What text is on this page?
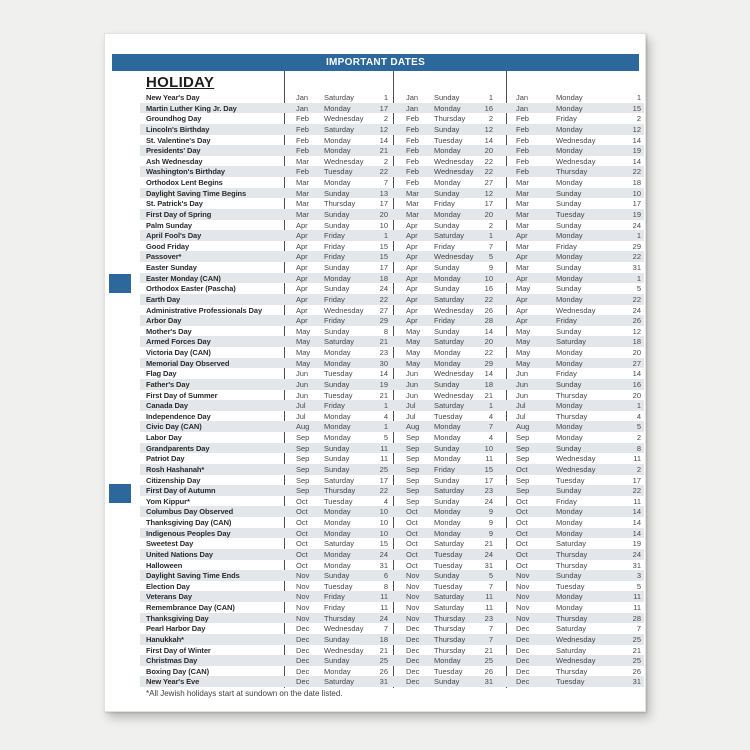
IMPORTANT DATES
HOLIDAY
New Year's Day	Jan Saturday	1 Jan Sunday	1	Jan	Monday	1
Martin Luther King Jr. Day	Jan Monday	17 Jan Monday	16	Jan	Monday	15
Groundhog Day	Feb Wednesday	2 Feb Thursday	2	Feb	Friday	2
Lincoln's Birthday	Feb Saturday	12 Feb Sunday	12	Feb	Monday	12
St. Valentine's Day	Feb Monday	14 Feb Tuesday	14	Feb	Wednesday	14
Presidents' Day	Feb Monday	21 Feb Monday	20	Feb	Monday	19
Ash Wednesday	Mar Wednesday	2 Feb Wednesday	22	Feb	Wednesday	14
Washington's Birthday	Feb Tuesday	22 Feb Wednesday	22	Feb	Thursday	22
Orthodox Lent Begins	Mar Monday	7 Feb Monday	27	Mar	Monday	18
Daylight Saving Time Begins	Mar Sunday	13 Mar Sunday	12	Mar	Sunday	10
St. Patrick's Day	Mar Thursday	17 Mar Friday	17	Mar	Sunday	17
First Day of Spring	Mar Sunday	20 Mar Monday	20	Mar	Tuesday	19
Palm Sunday	Apr Sunday	10 Apr Sunday	2	Mar	Sunday	24
April Fool's Day	Apr Friday	1 Apr Saturday	1	Apr	Monday	1
Good Friday	Apr Friday	15 Apr Friday	7	Mar	Friday	29
Passover*	Apr Friday	15 Apr Wednesday	5	Apr	Monday	22
Easter Sunday	Apr Sunday	17 Apr Sunday	9	Mar	Sunday	31
Easter Monday (CAN)	Apr Monday	18 Apr Monday	10	Apr	Monday	1
Orthodox Easter (Pascha)	Apr Sunday	24 Apr Sunday	16	May	Sunday	5
Earth Day	Apr Friday	22 Apr Saturday	22	Apr	Monday	22
Administrative Professionals Day	Apr Wednesday	27 Apr Wednesday	26	Apr	Wednesday	24
Arbor Day	Apr Friday	29 Apr Friday	28	Apr	Friday	26
Mother's Day	May Sunday	8 May Sunday	14	May	Sunday	12
Armed Forces Day	May Saturday	21 May Saturday	20	May	Saturday	18
Victoria Day (CAN)	May Monday	23 May Monday	22	May	Monday	20
Memorial Day Observed	May Monday	30 May Monday	29	May	Monday	27
Flag Day	Jun Tuesday	14 Jun Wednesday	14	Jun	Friday	14
Father's Day	Jun Sunday	19 Jun Sunday	18	Jun	Sunday	16
First Day of Summer	Jun Tuesday	21 Jun Wednesday	21	Jun	Thursday	20
Canada Day	Jul Friday	1 Jul Saturday	1	Jul	Monday	1
Independence Day	Jul Monday	4 Jul Tuesday	4	Jul	Thursday	4
Civic Day (CAN)	Aug Monday	1 Aug Monday	7	Aug	Monday	5
Labor Day	Sep Monday	5 Sep Monday	4	Sep	Monday	2
Grandparents Day	Sep Sunday	11 Sep Sunday	10	Sep	Sunday	8
Patriot Day	Sep Sunday	11 Sep Monday	11	Sep	Wednesday	11
Rosh Hashanah*	Sep Sunday	25 Sep Friday	15	Oct	Wednesday	2
Citizenship Day	Sep Saturday	17 Sep Sunday	17	Sep	Tuesday	17
First Day of Autumn	Sep Thursday	22 Sep Saturday	23	Sep	Sunday	22
Yom Kippur*	Oct Tuesday	4 Sep Sunday	24	Oct	Friday	11
Columbus Day Observed	Oct Monday	10 Oct Monday	9	Oct	Monday	14
Thanksgiving Day (CAN)	Oct Monday	10 Oct Monday	9	Oct	Monday	14
Indigenous Peoples Day	Oct Monday	10 Oct Monday	9	Oct	Monday	14
Sweetest Day	Oct Saturday	15 Oct Saturday	21	Oct	Saturday	19
United Nations Day	Oct Monday	24 Oct Tuesday	24	Oct	Thursday	24
Halloween	Oct Monday	31 Oct Tuesday	31	Oct	Thursday	31
Daylight Saving Time Ends	Nov Sunday	6 Nov Sunday	5	Nov	Sunday	3
Election Day	Nov Tuesday	8 Nov Tuesday	7	Nov	Tuesday	5
Veterans Day	Nov Friday	11 Nov Saturday	11	Nov	Monday	11
Remembrance Day (CAN)	Nov Friday	11 Nov Saturday	11	Nov	Monday	11
Thanksgiving Day	Nov Thursday	24 Nov Thursday	23	Nov	Thursday	28
Pearl Harbor Day	Dec Wednesday	7 Dec Thursday	7	Dec	Saturday	7
Hanukkah*	Dec Sunday	18 Dec Thursday	7	Dec	Wednesday	25
First Day of Winter	Dec Wednesday	21 Dec Thursday	21	Dec	Saturday	21
Christmas Day	Dec Sunday	25 Dec Monday	25	Dec	Wednesday	25
Boxing Day (CAN)	Dec Monday	26 Dec Tuesday	26	Dec	Thursday	26
New Year's Eve	Dec Saturday	31 Dec Sunday	31	Dec	Tuesday	31
*All Jewish holidays start at sundown on the date listed.
